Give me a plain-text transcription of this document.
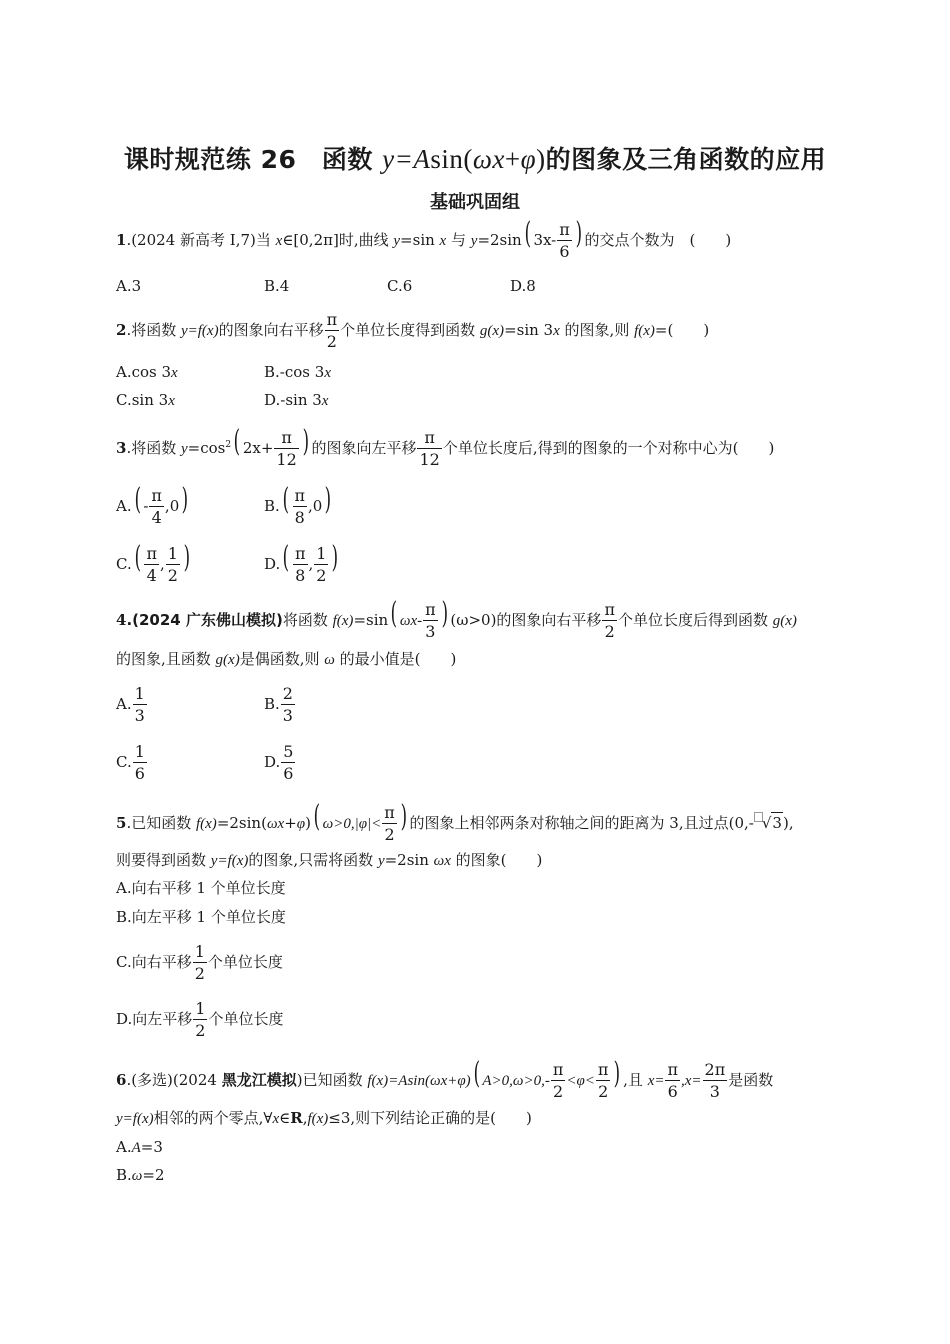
课时规范练 26　函数 y=Asin(ωx+φ)的图象及三角函数的应用
基础巩固组
1.(2024 新高考 Ⅰ,7)当 x∈[0,2π]时,曲线 y=sin x 与 y=2sin( $3x- \frac{\pi}{6}$ ) 的交点个数为　(　　)
A.3	B.4	C.6	D.8
2.将函数 y=f(x)的图象向右平移 $\frac{\pi}{2}$ 个单位长度得到函数 g(x)=sin 3x 的图象,则 f(x)=(　　)
A.cos 3x	B.-cos 3x
C.sin 3x	D.-sin 3x
3.将函数 $y=\cos^2$( $2x+ \frac{\pi}{12}$ ) 的图象向左平移 $\frac{\pi}{12}$ 个单位长度后,得到的图象的一个对称中心为(　　)
$A.( - \frac{\pi}{4} ,0)$	$B.( \frac{\pi}{8} ,0)$
$C.( \frac{\pi}{4}$ , $\frac{1}{2}$ )	$D.( \frac{\pi}{8}$ , $\frac{1}{2}$ )
4.(2024 广东佛山模拟)将函数 f(x)=sin( $\omega x- \frac{\pi}{3}$ ) (ω>0)的图象向右平移 $\frac{\pi}{2}$ 个单位长度后得到函数 g(x)
的图象,且函数 g(x)是偶函数,则 ω 的最小值是(　　)
A. $\frac{1}{3}$	B. $\frac{2}{3}$
C. $\frac{1}{6}$	D. $\frac{5}{6}$
5.已知函数 f(x)=2sin(ωx+φ)( $\omega>0,|\varphi|< \frac{\pi}{2}$ ) 的图象上相邻两条对称轴之间的距离为 3,且过点(0,- √3),
则要得到函数 y=f(x)的图象,只需将函数 y=2sin ωx 的图象(　　)
A.向右平移 1 个单位长度
B.向左平移 1 个单位长度
C.向右平移 $\frac{1}{2}$ 个单位长度
D.向左平移 $\frac{1}{2}$ 个单位长度
6.(多选)(2024 黑龙江模拟)已知函数 f(x)=Asin(ωx+φ)( $A>0,\omega>0,- \frac{\pi}{2} <\varphi< \frac{\pi}{2}$ ) ,且 $x= \frac{\pi}{6} ,x= \frac{2\pi}{3}$ 是函数
y=f(x)相邻的两个零点,∀x∈R,f(x)≤3,则下列结论正确的是(　　)
A.A=3
B.ω=2
